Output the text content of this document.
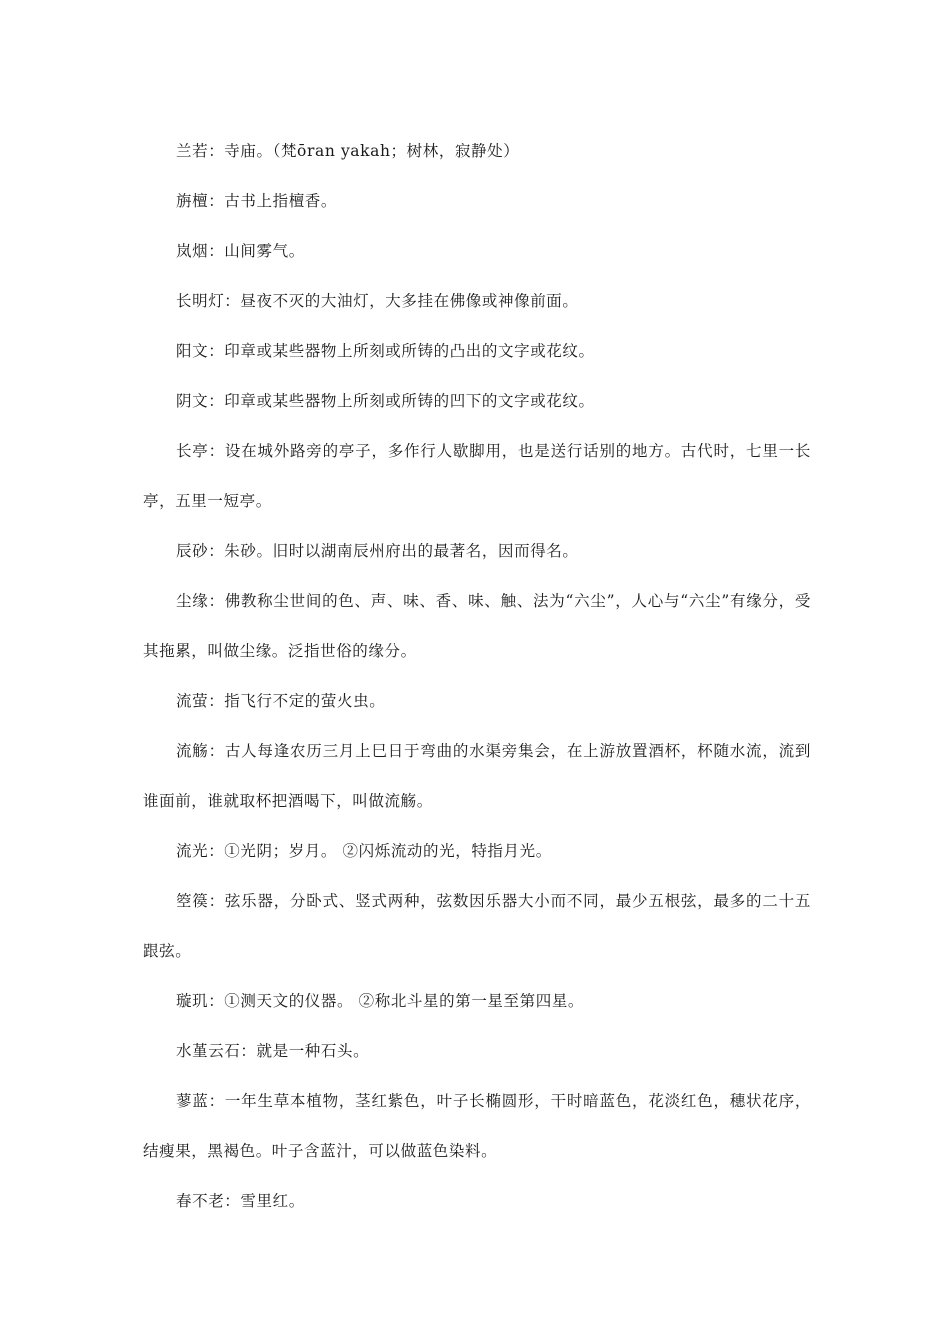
兰若：寺庙。（梵ōran yakah；树林，寂静处）

旃檀：古书上指檀香。

岚烟：山间雾气。

长明灯：昼夜不灭的大油灯，大多挂在佛像或神像前面。

阳文：印章或某些器物上所刻或所铸的凸出的文字或花纹。

阴文：印章或某些器物上所刻或所铸的凹下的文字或花纹。

长亭：设在城外路旁的亭子，多作行人歇脚用，也是送行话别的地方。古代时，七里一长亭，五里一短亭。

辰砂：朱砂。旧时以湖南辰州府出的最著名，因而得名。

尘缘：佛教称尘世间的色、声、味、香、味、触、法为“六尘”，人心与“六尘”有缘分，受其拖累，叫做尘缘。泛指世俗的缘分。

流萤：指飞行不定的萤火虫。

流觞：古人每逢农历三月上巳日于弯曲的水渠旁集会，在上游放置酒杯，杯随水流，流到谁面前，谁就取杯把酒喝下，叫做流觞。

流光：①光阴；岁月。 ②闪烁流动的光，特指月光。

箜篌：弦乐器，分卧式、竖式两种，弦数因乐器大小而不同，最少五根弦，最多的二十五跟弦。

璇玑：①测天文的仪器。 ②称北斗星的第一星至第四星。

水堇云石：就是一种石头。

蓼蓝：一年生草本植物，茎红紫色，叶子长椭圆形，干时暗蓝色，花淡红色，穗状花序，结瘦果，黑褐色。叶子含蓝汁，可以做蓝色染料。

春不老：雪里红。
